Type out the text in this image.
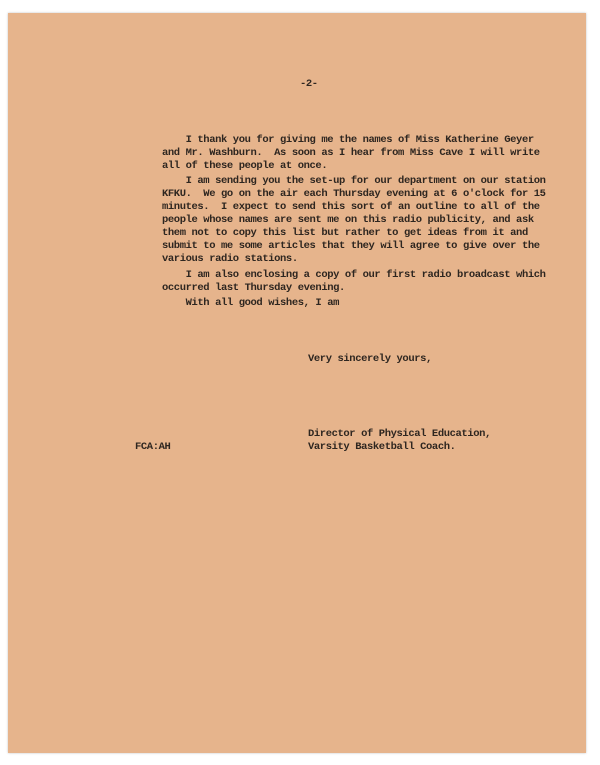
-2-
I thank you for giving me the names of Miss Katherine Geyer
and Mr. Washburn.  As soon as I hear from Miss Cave I will write
all of these people at once.
I am sending you the set-up for our department on our station
KFKU.  We go on the air each Thursday evening at 6 o'clock for 15
minutes.  I expect to send this sort of an outline to all of the
people whose names are sent me on this radio publicity, and ask
them not to copy this list but rather to get ideas from it and
submit to me some articles that they will agree to give over the
various radio stations.
I am also enclosing a copy of our first radio broadcast which
occurred last Thursday evening.
With all good wishes, I am
Very sincerely yours,
Director of Physical Education,
Varsity Basketball Coach.
FCA:AH
